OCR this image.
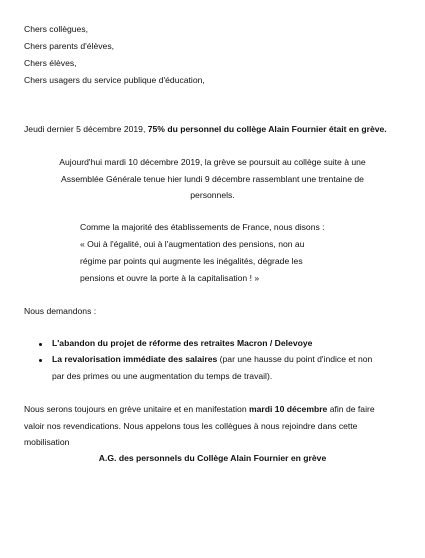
Chers collègues,
Chers parents d'élèves,
Chers élèves,
Chers usagers du service publique d'éducation,
Jeudi dernier 5 décembre 2019, 75% du personnel du collège Alain Fournier était en grève.
Aujourd'hui mardi 10 décembre 2019, la grève se poursuit au collège suite à une
Assemblée Générale tenue hier lundi 9 décembre rassemblant une trentaine de
personnels.
Comme la majorité des établissements de France, nous disons :
« Oui à l'égalité, oui à l'augmentation des pensions, non au
régime par points qui augmente les inégalités, dégrade les
pensions et ouvre la porte à la capitalisation ! »
Nous demandons :
L'abandon du projet de réforme des retraites Macron / Delevoye
La revalorisation immédiate des salaires (par une hausse du point d'indice et non
par des primes ou une augmentation du temps de travail).
Nous serons toujours en grève unitaire et en manifestation mardi 10 décembre afin de faire
valoir nos revendications. Nous appelons tous les collègues à nous rejoindre dans cette
mobilisation
A.G. des personnels du Collège Alain Fournier en grève
